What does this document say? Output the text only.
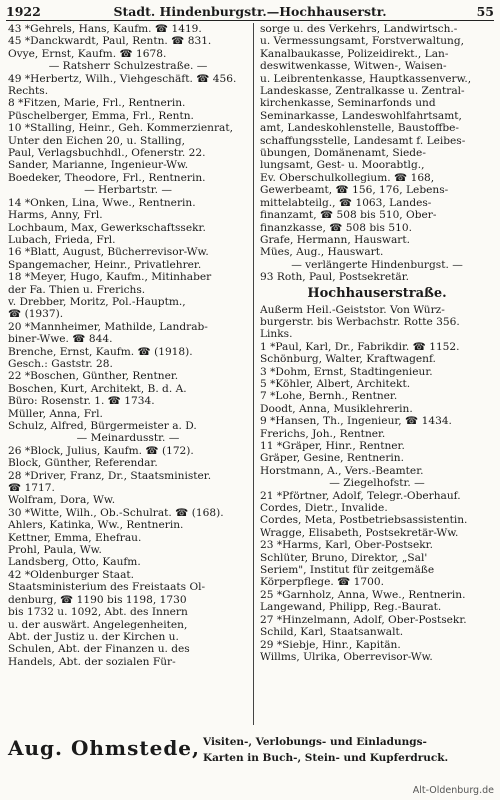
1922	Stadt. Hindenburgstr.—Hochhauserstr.	55
43 *Gehrels, Hans, Kaufm. ☎ 1419.
45 *Danckwardt, Paul, Rentn. ☎ 831.
Ovye, Ernst, Kaufm. ☎ 1678.
— Ratsherr Schulzestraße. —
49 *Herbertz, Wilh., Viehgeschäft. ☎ 456.
Rechts.
8 *Fitzen, Marie, Frl., Rentnerin.
Püschelberger, Emma, Frl., Rentn.
10 *Stalling, Heinr., Geh. Kommerzienrat,
Unter den Eichen 20, u. Stalling,
Paul, Verlagsbuchhdl., Ofenerstr. 22.
Sander, Marianne, Ingenieur-Ww.
Boedeker, Theodore, Frl., Rentnerin.
— Herbartstr. —
14 *Onken, Lina, Wwe., Rentnerin.
Harms, Anny, Frl.
Lochbaum, Max, Gewerkschaftssekr.
Lubach, Frieda, Frl.
16 *Blatt, August, Bücherrevisor-Ww.
Spangemacher, Heinr., Privatlehrer.
18 *Meyer, Hugo, Kaufm., Mitinhaber
der Fa. Thien u. Frerichs.
v. Drebber, Moritz, Pol.-Hauptm.,
☎ (1937).
20 *Mannheimer, Mathilde, Landrab-
biner-Wwe. ☎ 844.
Brenche, Ernst, Kaufm. ☎ (1918).
Gesch.: Gaststr. 28.
22 *Boschen, Günther, Rentner.
Boschen, Kurt, Architekt, B. d. A.
Büro: Rosenstr. 1. ☎ 1734.
Müller, Anna, Frl.
Schulz, Alfred, Bürgermeister a. D.
— Meinardusstr. —
26 *Block, Julius, Kaufm. ☎ (172).
Block, Günther, Referendar.
28 *Driver, Franz, Dr., Staatsminister.
☎ 1717.
Wolfram, Dora, Ww.
30 *Witte, Wilh., Ob.-Schulrat. ☎ (168).
Ahlers, Katinka, Ww., Rentnerin.
Kettner, Emma, Ehefrau.
Prohl, Paula, Ww.
Landsberg, Otto, Kaufm.
42 *Oldenburger Staat.
Staatsministerium des Freistaats Ol-
denburg, ☎ 1190 bis 1198, 1730
bis 1732 u. 1092, Abt. des Innern
u. der auswärt. Angelegenheiten,
Abt. der Justiz u. der Kirchen u.
Schulen, Abt. der Finanzen u. des
Handels, Abt. der sozialen Für-
sorge u. des Verkehrs, Landwirtsch.-
u. Vermessungsamt, Forstverwaltung,
Kanalbaukasse, Polizeidirekt., Lan-
deswitwenkasse, Witwen-, Waisen-
u. Leibrentenkasse, Hauptkassenverw.,
Landeskasse, Zentralkasse u. Zentral-
kirchenkasse, Seminarfonds und
Seminarkasse, Landeswohlfahrtsamt,
amt, Landeskohlenstelle, Baustoffbe-
schaffungsstelle, Landesamt f. Leibes-
übungen, Domänenamt, Siede-
lungsamt, Gest- u. Moorabtlg.,
Ev. Oberschulkollegium. ☎ 168,
Gewerbeamt, ☎ 156, 176, Lebens-
mittelabteilg., ☎ 1063, Landes-
finanzamt, ☎ 508 bis 510, Ober-
finanzkasse, ☎ 508 bis 510.
Grafe, Hermann, Hauswart.
Mües, Aug., Hauswart.
— verlängerte Hindenburgst. —
93 Roth, Paul, Postsekretär.
Hochhauserstraße.
Außerm Heil.-Geiststor. Von Würz-
burgerstr. bis Werbachstr. Rotte 356.
Links.
1 *Paul, Karl, Dr., Fabrikdir. ☎ 1152.
Schönburg, Walter, Kraftwagenf.
3 *Dohm, Ernst, Stadtingenieur.
5 *Köhler, Albert, Architekt.
7 *Lohe, Bernh., Rentner.
Doodt, Anna, Musiklehrerin.
9 *Hansen, Th., Ingenieur, ☎ 1434.
Frerichs, Joh., Rentner.
11 *Gräper, Hinr., Rentner.
Gräper, Gesine, Rentnerin.
Horstmann, A., Vers.-Beamter.
— Ziegelhofstr. —
21 *Pförtner, Adolf, Telegr.-Oberhauf.
Cordes, Dietr., Invalide.
Cordes, Meta, Postbetriebsassistentin.
Wragge, Elisabeth, Postsekretär-Ww.
23 *Harms, Karl, Ober-Postsekr.
Schlüter, Bruno, Direktor, „Sal'
Seriem", Institut für zeitgemäße
Körperpflege. ☎ 1700.
25 *Garnholz, Anna, Wwe., Rentnerin.
Langewand, Philipp, Reg.-Baurat.
27 *Hinzelmann, Adolf, Ober-Postsekr.
Schild, Karl, Staatsanwalt.
29 *Siebje, Hinr., Kapitän.
Willms, Ulrika, Oberrevisor-Ww.
Aug. Ohmstede, Visiten-, Verlobungs- und Einladungs-
Karten in Buch-, Stein- und Kupferdruck.
Alt-Oldenburg.de
